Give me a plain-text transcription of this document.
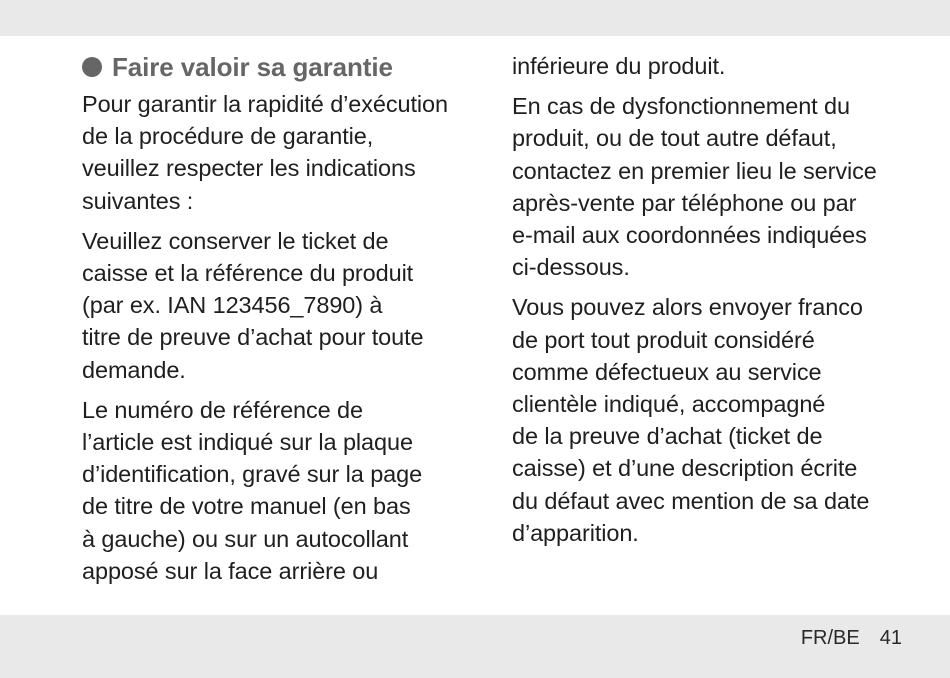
Faire valoir sa garantie
Pour garantir la rapidité d’exécution
de la procédure de garantie,
veuillez respecter les indications
suivantes :
Veuillez conserver le ticket de
caisse et la référence du produit
(par ex. IAN 123456_7890) à
titre de preuve d’achat pour toute
demande.
Le numéro de référence de
l’article est indiqué sur la plaque
d’identification, gravé sur la page
de titre de votre manuel (en bas
à gauche) ou sur un autocollant
apposé sur la face arrière ou
inférieure du produit.
En cas de dysfonctionnement du
produit, ou de tout autre défaut,
contactez en premier lieu le service
après-vente par téléphone ou par
e-mail aux coordonnées indiquées
ci-dessous.
Vous pouvez alors envoyer franco
de port tout produit considéré
comme défectueux au service
clientèle indiqué, accompagné
de la preuve d’achat (ticket de
caisse) et d’une description écrite
du défaut avec mention de sa date
d’apparition.
FR/BE 41
